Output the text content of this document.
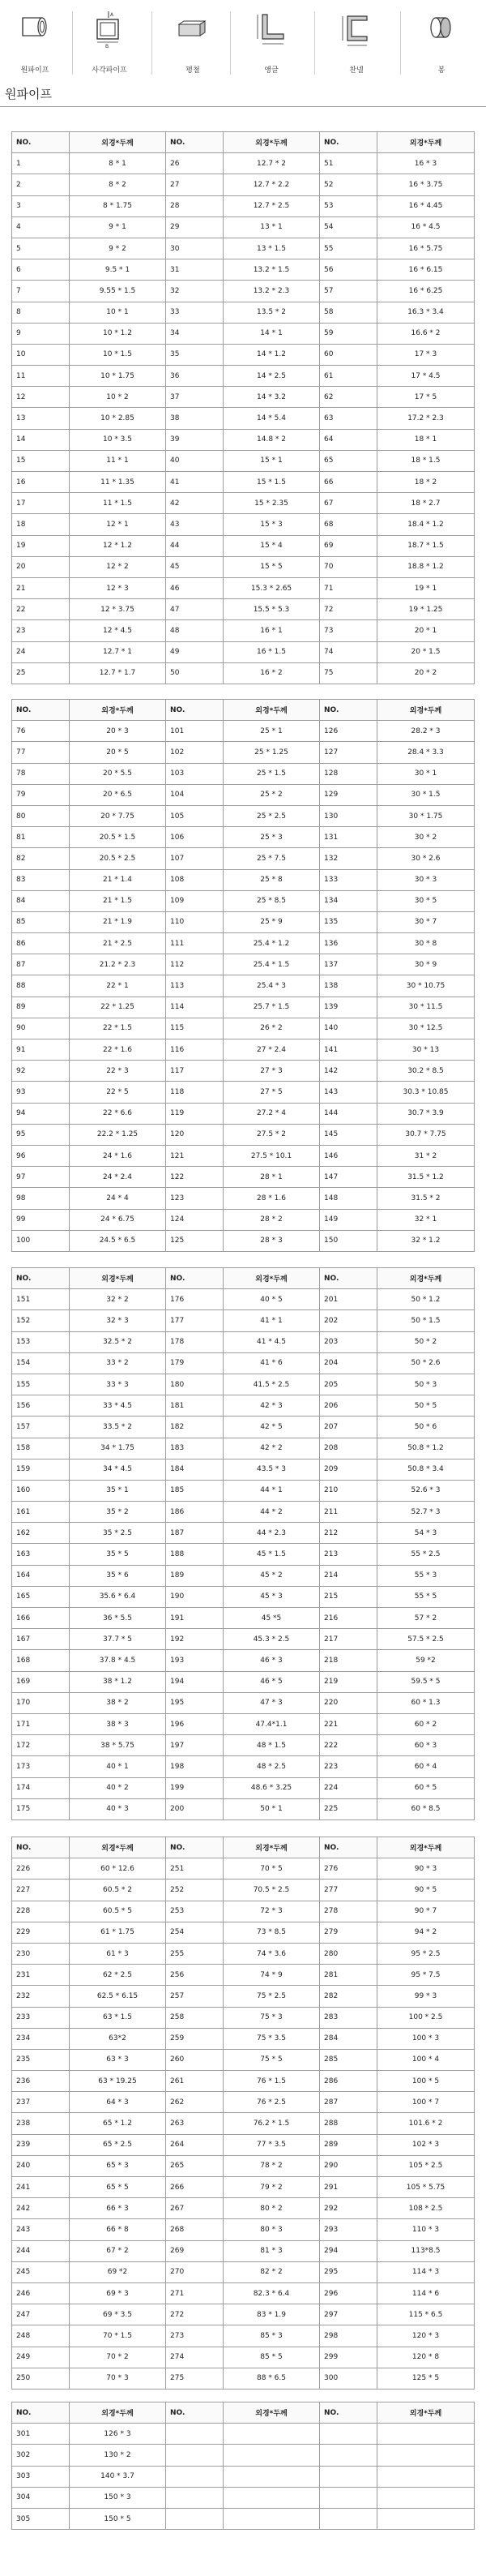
원파이프
A
B
사각파이프	평철	앵글	찬넬	봉
원파이프
NO.	외경*두께	NO.	외경*두께	NO.	외경*두께
1	8 * 1	26	12.7 * 2	51	16 * 3
2	8 * 2	27	12.7 * 2.2	52	16 * 3.75
3	8 * 1.75	28	12.7 * 2.5	53	16 * 4.45
4	9 * 1	29	13 * 1	54	16 * 4.5
5	9 * 2	30	13 * 1.5	55	16 * 5.75
6	9.5 * 1	31	13.2 * 1.5	56	16 * 6.15
7	9.55 * 1.5	32	13.2 * 2.3	57	16 * 6.25
8	10 * 1	33	13.5 * 2	58	16.3 * 3.4
9	10 * 1.2	34	14 * 1	59	16.6 * 2
10	10 * 1.5	35	14 * 1.2	60	17 * 3
11	10 * 1.75	36	14 * 2.5	61	17 * 4.5
12	10 * 2	37	14 * 3.2	62	17 * 5
13	10 * 2.85	38	14 * 5.4	63	17.2 * 2.3
14	10 * 3.5	39	14.8 * 2	64	18 * 1
15	11 * 1	40	15 * 1	65	18 * 1.5
16	11 * 1.35	41	15 * 1.5	66	18 * 2
17	11 * 1.5	42	15 * 2.35	67	18 * 2.7
18	12 * 1	43	15 * 3	68	18.4 * 1.2
19	12 * 1.2	44	15 * 4	69	18.7 * 1.5
20	12 * 2	45	15 * 5	70	18.8 * 1.2
21	12 * 3	46	15.3 * 2.65	71	19 * 1
22	12 * 3.75	47	15.5 * 5.3	72	19 * 1.25
23	12 * 4.5	48	16 * 1	73	20 * 1
24	12.7 * 1	49	16 * 1.5	74	20 * 1.5
25	12.7 * 1.7	50	16 * 2	75	20 * 2
NO.	외경*두께	NO.	외경*두께	NO.	외경*두께
76	20 * 3	101	25 * 1	126	28.2 * 3
77	20 * 5	102	25 * 1.25	127	28.4 * 3.3
78	20 * 5.5	103	25 * 1.5	128	30 * 1
79	20 * 6.5	104	25 * 2	129	30 * 1.5
80	20 * 7.75	105	25 * 2.5	130	30 * 1.75
81	20.5 * 1.5	106	25 * 3	131	30 * 2
82	20.5 * 2.5	107	25 * 7.5	132	30 * 2.6
83	21 * 1.4	108	25 * 8	133	30 * 3
84	21 * 1.5	109	25 * 8.5	134	30 * 5
85	21 * 1.9	110	25 * 9	135	30 * 7
86	21 * 2.5	111	25.4 * 1.2	136	30 * 8
87	21.2 * 2.3	112	25.4 * 1.5	137	30 * 9
88	22 * 1	113	25.4 * 3	138	30 * 10.75
89	22 * 1.25	114	25.7 * 1.5	139	30 * 11.5
90	22 * 1.5	115	26 * 2	140	30 * 12.5
91	22 * 1.6	116	27 * 2.4	141	30 * 13
92	22 * 3	117	27 * 3	142	30.2 * 8.5
93	22 * 5	118	27 * 5	143	30.3 * 10.85
94	22 * 6.6	119	27.2 * 4	144	30.7 * 3.9
95	22.2 * 1.25	120	27.5 * 2	145	30.7 * 7.75
96	24 * 1.6	121	27.5 * 10.1	146	31 * 2
97	24 * 2.4	122	28 * 1	147	31.5 * 1.2
98	24 * 4	123	28 * 1.6	148	31.5 * 2
99	24 * 6.75	124	28 * 2	149	32 * 1
100	24.5 * 6.5	125	28 * 3	150	32 * 1.2
NO.	외경*두께	NO.	외경*두께	NO.	외경*두께
151	32 * 2	176	40 * 5	201	50 * 1.2
152	32 * 3	177	41 * 1	202	50 * 1.5
153	32.5 * 2	178	41 * 4.5	203	50 * 2
154	33 * 2	179	41 * 6	204	50 * 2.6
155	33 * 3	180	41.5 * 2.5	205	50 * 3
156	33 * 4.5	181	42 * 3	206	50 * 5
157	33.5 * 2	182	42 * 5	207	50 * 6
158	34 * 1.75	183	42 * 2	208	50.8 * 1.2
159	34 * 4.5	184	43.5 * 3	209	50.8 * 3.4
160	35 * 1	185	44 * 1	210	52.6 * 3
161	35 * 2	186	44 * 2	211	52.7 * 3
162	35 * 2.5	187	44 * 2.3	212	54 * 3
163	35 * 5	188	45 * 1.5	213	55 * 2.5
164	35 * 6	189	45 * 2	214	55 * 3
165	35.6 * 6.4	190	45 * 3	215	55 * 5
166	36 * 5.5	191	45 *5	216	57 * 2
167	37.7 * 5	192	45.3 * 2.5	217	57.5 * 2.5
168	37.8 * 4.5	193	46 * 3	218	59 *2
169	38 * 1.2	194	46 * 5	219	59.5 * 5
170	38 * 2	195	47 * 3	220	60 * 1.3
171	38 * 3	196	47.4*1.1	221	60 * 2
172	38 * 5.75	197	48 * 1.5	222	60 * 3
173	40 * 1	198	48 * 2.5	223	60 * 4
174	40 * 2	199	48.6 * 3.25	224	60 * 5
175	40 * 3	200	50 * 1	225	60 * 8.5
NO.	외경*두께	NO.	외경*두께	NO.	외경*두께
226	60 * 12.6	251	70 * 5	276	90 * 3
227	60.5 * 2	252	70.5 * 2.5	277	90 * 5
228	60.5 * 5	253	72 * 3	278	90 * 7
229	61 * 1.75	254	73 * 8.5	279	94 * 2
230	61 * 3	255	74 * 3.6	280	95 * 2.5
231	62 * 2.5	256	74 * 9	281	95 * 7.5
232	62.5 * 6.15	257	75 * 2.5	282	99 * 3
233	63 * 1.5	258	75 * 3	283	100 * 2.5
234	63*2	259	75 * 3.5	284	100 * 3
235	63 * 3	260	75 * 5	285	100 * 4
236	63 * 19.25	261	76 * 1.5	286	100 * 5
237	64 * 3	262	76 * 2.5	287	100 * 7
238	65 * 1.2	263	76.2 * 1.5	288	101.6 * 2
239	65 * 2.5	264	77 * 3.5	289	102 * 3
240	65 * 3	265	78 * 2	290	105 * 2.5
241	65 * 5	266	79 * 2	291	105 * 5.75
242	66 * 3	267	80 * 2	292	108 * 2.5
243	66 * 8	268	80 * 3	293	110 * 3
244	67 * 2	269	81 * 3	294	113*8.5
245	69 *2	270	82 * 2	295	114 * 3
246	69 * 3	271	82.3 * 6.4	296	114 * 6
247	69 * 3.5	272	83 * 1.9	297	115 * 6.5
248	70 * 1.5	273	85 * 3	298	120 * 3
249	70 * 2	274	85 * 5	299	120 * 8
250	70 * 3	275	88 * 6.5	300	125 * 5
NO.	외경*두께	NO.	외경*두께	NO.	외경*두께
301	126 * 3				
302	130 * 2				
303	140 * 3.7				
304	150 * 3				
305	150 * 5				
